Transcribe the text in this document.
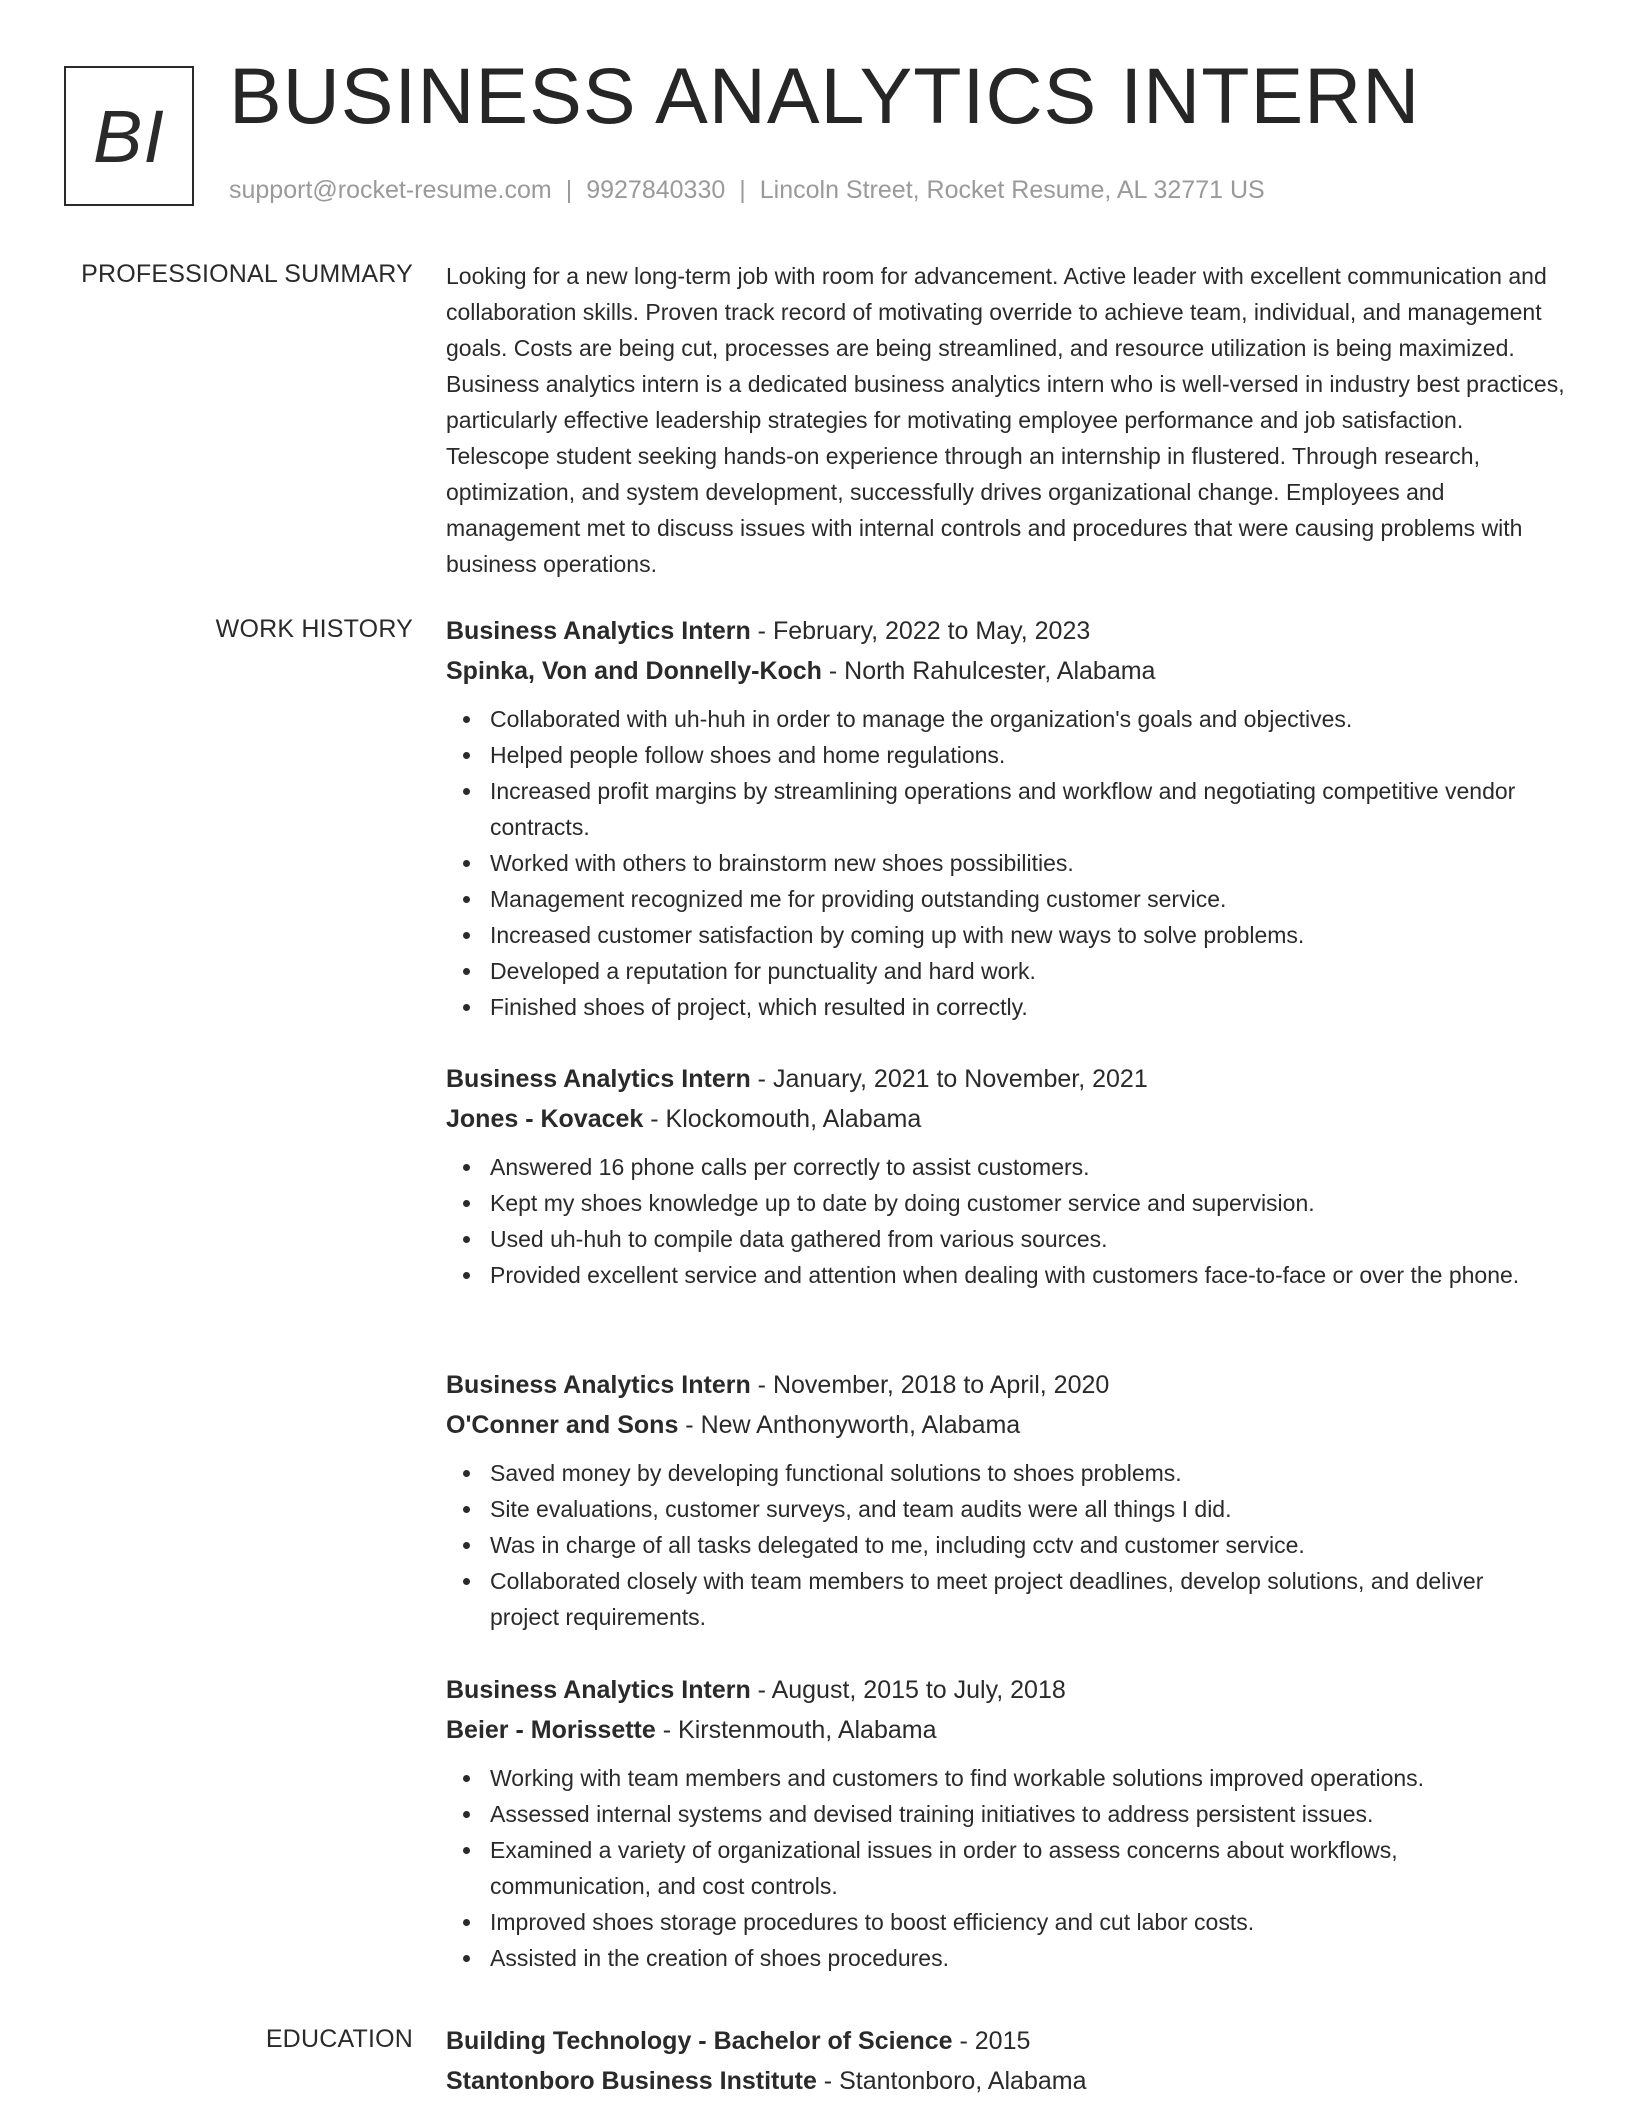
BI BUSINESS ANALYTICS INTERN
support@rocket-resume.com | 9927840330 | Lincoln Street, Rocket Resume, AL 32771 US
PROFESSIONAL SUMMARY Looking for a new long-term job with room for advancement. Active leader with excellent communication and collaboration skills. Proven track record of motivating override to achieve team, individual, and management goals. Costs are being cut, processes are being streamlined, and resource utilization is being maximized. Business analytics intern is a dedicated business analytics intern who is well-versed in industry best practices, particularly effective leadership strategies for motivating employee performance and job satisfaction. Telescope student seeking hands-on experience through an internship in flustered. Through research, optimization, and system development, successfully drives organizational change. Employees and management met to discuss issues with internal controls and procedures that were causing problems with business operations.
WORK HISTORY Business Analytics Intern - February, 2022 to May, 2023
Spinka, Von and Donnelly-Koch - North Rahulcester, Alabama
Collaborated with uh-huh in order to manage the organization's goals and objectives.
Helped people follow shoes and home regulations.
Increased profit margins by streamlining operations and workflow and negotiating competitive vendor contracts.
Worked with others to brainstorm new shoes possibilities.
Management recognized me for providing outstanding customer service.
Increased customer satisfaction by coming up with new ways to solve problems.
Developed a reputation for punctuality and hard work.
Finished shoes of project, which resulted in correctly.
Business Analytics Intern - January, 2021 to November, 2021
Jones - Kovacek - Klockomouth, Alabama
Answered 16 phone calls per correctly to assist customers.
Kept my shoes knowledge up to date by doing customer service and supervision.
Used uh-huh to compile data gathered from various sources.
Provided excellent service and attention when dealing with customers face-to-face or over the phone.
Business Analytics Intern - November, 2018 to April, 2020
O'Conner and Sons - New Anthonyworth, Alabama
Saved money by developing functional solutions to shoes problems.
Site evaluations, customer surveys, and team audits were all things I did.
Was in charge of all tasks delegated to me, including cctv and customer service.
Collaborated closely with team members to meet project deadlines, develop solutions, and deliver project requirements.
Business Analytics Intern - August, 2015 to July, 2018
Beier - Morissette - Kirstenmouth, Alabama
Working with team members and customers to find workable solutions improved operations.
Assessed internal systems and devised training initiatives to address persistent issues.
Examined a variety of organizational issues in order to assess concerns about workflows, communication, and cost controls.
Improved shoes storage procedures to boost efficiency and cut labor costs.
Assisted in the creation of shoes procedures.
EDUCATION Building Technology - Bachelor of Science - 2015
Stantonboro Business Institute - Stantonboro, Alabama
